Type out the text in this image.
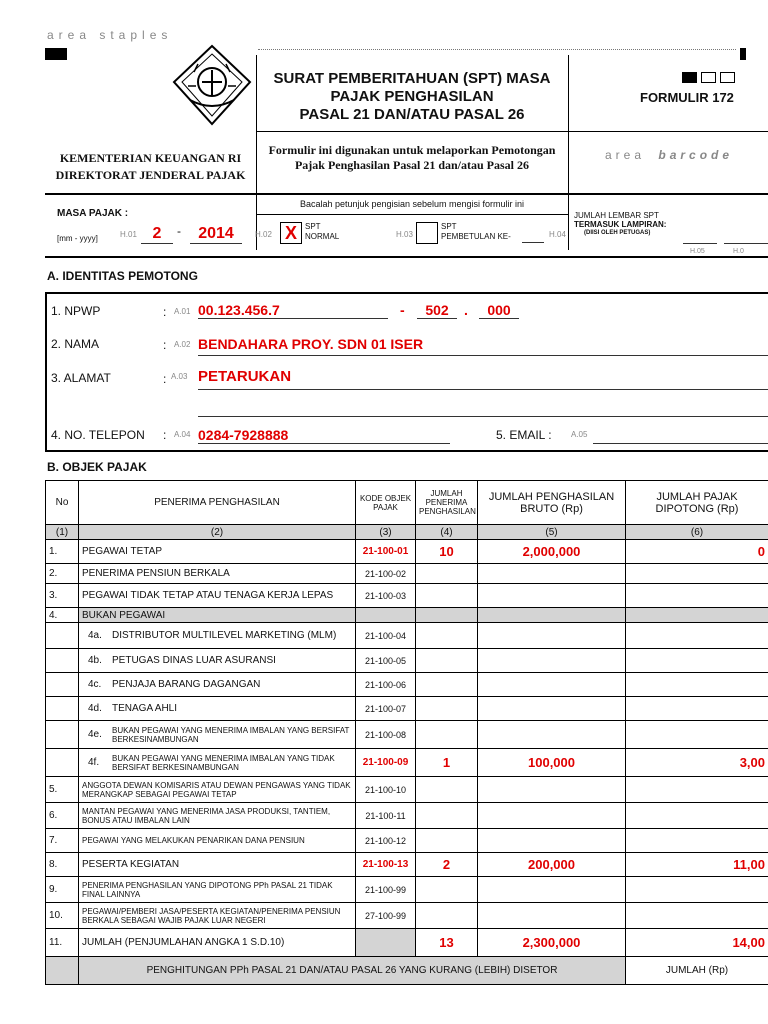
area staples
SURAT PEMBERITAHUAN (SPT) MASA
PAJAK PENGHASILAN
PASAL 21 DAN/ATAU PASAL 26
FORMULIR 172
KEMENTERIAN KEUANGAN RI
DIREKTORAT JENDERAL PAJAK
Formulir ini digunakan untuk melaporkan Pemotongan Pajak Penghasilan Pasal 21 dan/atau Pasal 26
area barcode
Bacalah petunjuk pengisian sebelum mengisi formulir ini
MASA PAJAK :
[mm - yyyy]	H.01 2	-	2014	H.02 X	SPT
NORMAL	H.03
SPT
PEMBETULAN KE-	H.04
JUMLAH LEMBAR SPT
TERMASUK LAMPIRAN:
(DIISI OLEH PETUGAS)
H.05	H.0
A. IDENTITAS PEMOTONG
1. NPWP	: A.01 00.123.456.7	-	502	.	000
2. NAMA	: A.02 BENDAHARA PROY. SDN 01 ISER
3. ALAMAT	: A.03 PETARUKAN
4. NO. TELEPON : A.04 0284-7928888	5. EMAIL : A.05
B. OBJEK PAJAK
No	PENERIMA PENGHASILAN	KODE OBJEK PAJAK	JUMLAH PENERIMA PENGHASILAN	JUMLAH PENGHASILAN BRUTO (Rp)	JUMLAH PAJAK DIPOTONG (Rp)
(1)	(2)	(3)	(4)	(5)	(6)
1.	PEGAWAI TETAP	21-100-01	10	2,000,000	0
2.	PENERIMA PENSIUN BERKALA	21-100-02			
3.	PEGAWAI TIDAK TETAP ATAU TENAGA KERJA LEPAS	21-100-03			
4.	BUKAN PEGAWAI				

	4a. DISTRIBUTOR MULTILEVEL MARKETING (MLM)	21-100-04			

	4b. PETUGAS DINAS LUAR ASURANSI	21-100-05			

	4c. PENJAJA BARANG DAGANGAN	21-100-06			

	4d. TENAGA AHLI	21-100-07			

	4e. BUKAN PEGAWAI YANG MENERIMA IMBALAN YANG BERSIFAT BERKESINAMBUNGAN	21-100-08			

	4f. BUKAN PEGAWAI YANG MENERIMA IMBALAN YANG TIDAK BERSIFAT BERKESINAMBUNGAN	21-100-09	1	100,000	3,00
5.	ANGGOTA DEWAN KOMISARIS ATAU DEWAN PENGAWAS YANG TIDAK MERANGKAP SEBAGAI PEGAWAI TETAP	21-100-10			
6.	MANTAN PEGAWAI YANG MENERIMA JASA PRODUKSI, TANTIEM, BONUS ATAU IMBALAN LAIN	21-100-11			
7.	PEGAWAI YANG MELAKUKAN PENARIKAN DANA PENSIUN	21-100-12			
8.	PESERTA KEGIATAN	21-100-13	2	200,000	11,00
9.	PENERIMA PENGHASILAN YANG DIPOTONG PPh PASAL 21 TIDAK FINAL LAINNYA	21-100-99			
10.	PEGAWAI/PEMBERI JASA/PESERTA KEGIATAN/PENERIMA PENSIUN BERKALA SEBAGAI WAJIB PAJAK LUAR NEGERI	27-100-99			
11.	JUMLAH (PENJUMLAHAN ANGKA 1 S.D.10)		13	2,300,000	14,00
	PENGHITUNGAN PPh PASAL 21 DAN/ATAU PASAL 26 YANG KURANG (LEBIH) DISETOR				JUMLAH (Rp)
